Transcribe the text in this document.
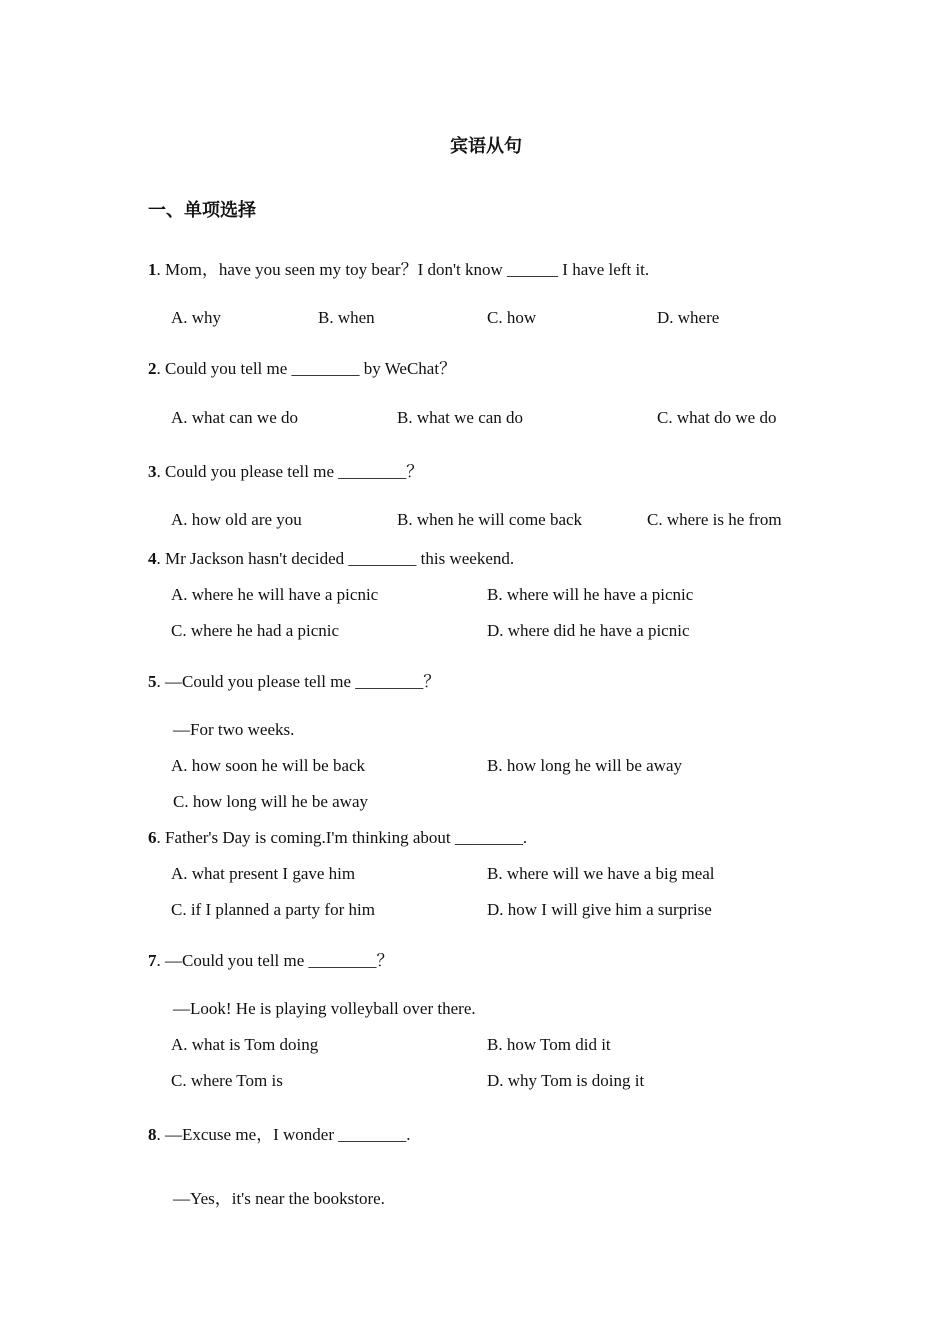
宾语从句
一、单项选择
1. Mom，have you seen my toy bear？I don't know ______ I have left it.
A. why	B. when	C. how	D. where
2. Could you tell me ________ by WeChat？
A. what can we do	B. what we can do	C. what do we do
3. Could you please tell me ________？
A. how old are you	B. when he will come back	C. where is he from
4. Mr Jackson hasn't decided ________ this weekend.
A. where he will have a picnic	B. where will he have a picnic
C. where he had a picnic	D. where did he have a picnic
5. —Could you please tell me ________？
—For two weeks.
A. how soon he will be back	B. how long he will be away
C. how long will he be away
6. Father's Day is coming.I'm thinking about ________.
A. what present I gave him	B. where will we have a big meal
C. if I planned a party for him	D. how I will give him a surprise
7. —Could you tell me ________？
—Look! He is playing volleyball over there.
A. what is Tom doing	B. how Tom did it
C. where Tom is	D. why Tom is doing it
8. —Excuse me，I wonder ________.
—Yes，it's near the bookstore.
